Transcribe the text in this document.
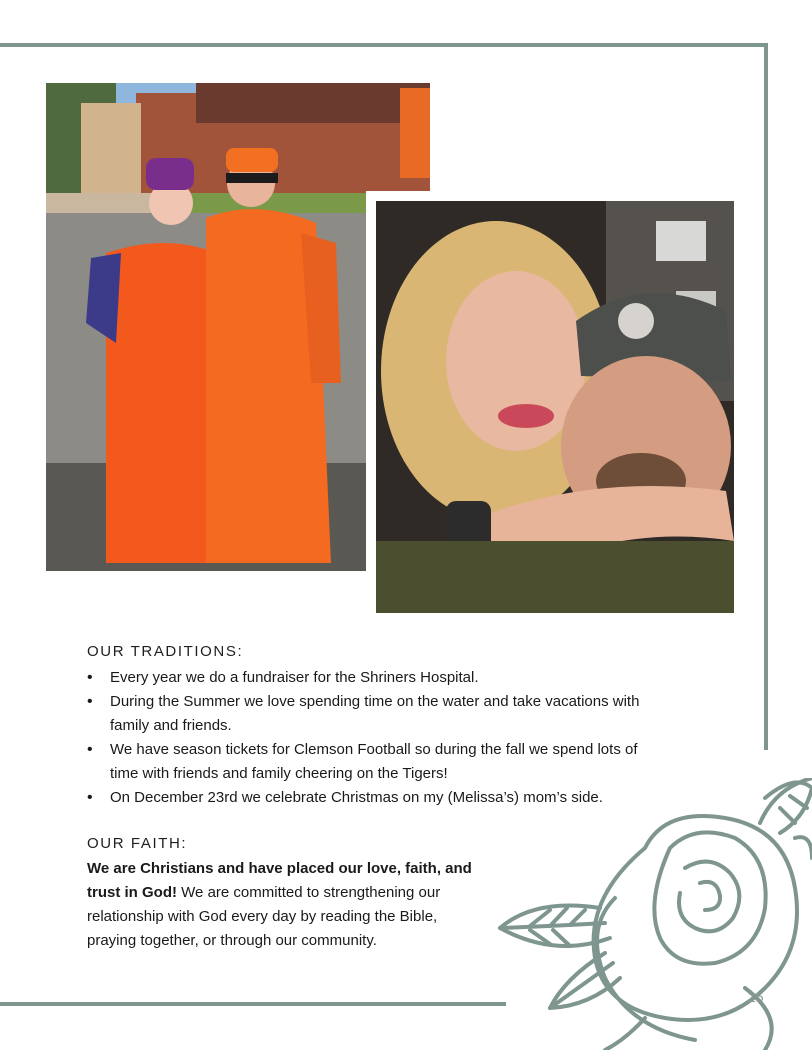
OUR TRADITIONS:
• Every year we do a fundraiser for the Shriners Hospital.
• During the Summer we love spending time on the water and take vacations with family and friends.
• We have season tickets for Clemson Football so during the fall we spend lots of time with friends and family cheering on the Tigers!
• On December 23rd we celebrate Christmas on my (Melissa’s) mom’s side.
OUR FAITH:

We are Christians and have placed our love, faith, and trust in God! We are committed to strengthening our relationship with God every day by reading the Bible, praying together, or through our community.

15
